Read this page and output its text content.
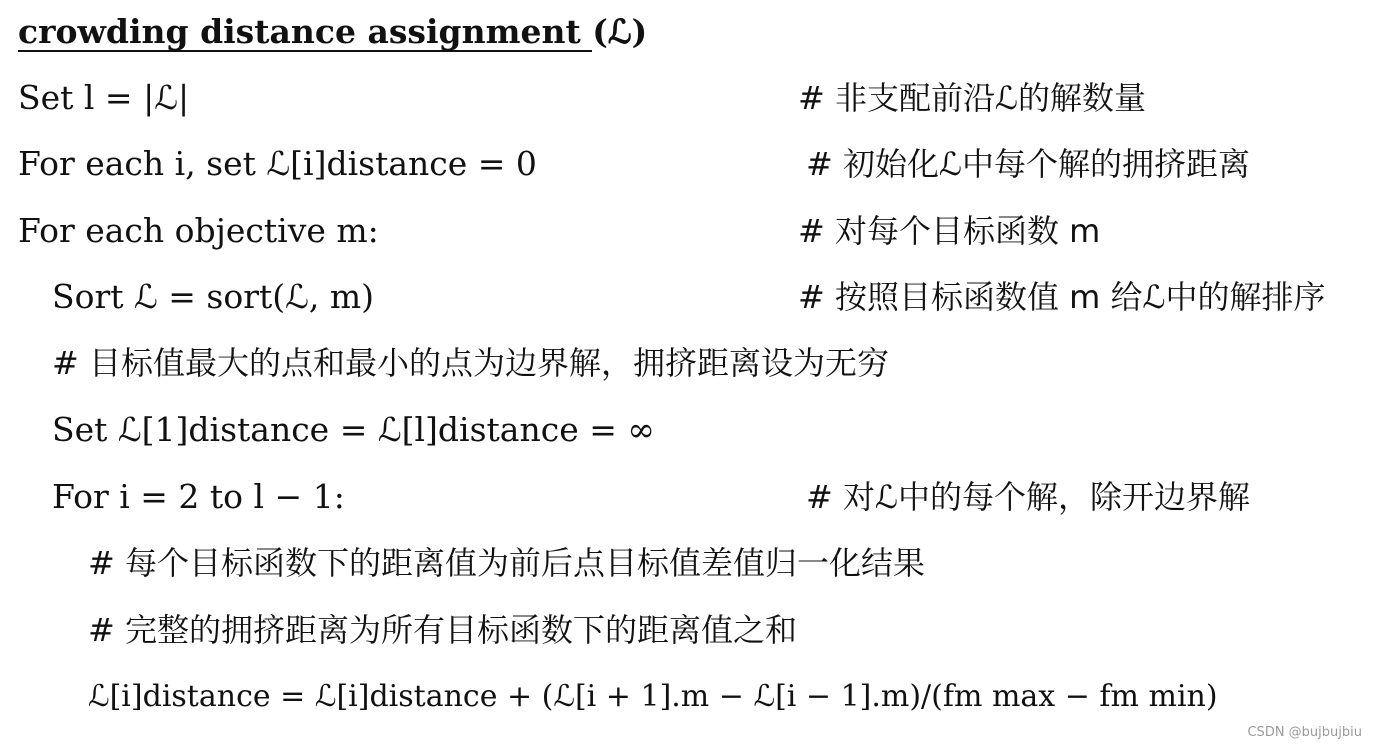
crowding distance assignment (ℒ)
Set l = |ℒ|	# 非支配前沿ℒ的解数量
For each i, set ℒ[i]distance = 0	# 初始化ℒ中每个解的拥挤距离
For each objective m:	# 对每个目标函数 m
Sort ℒ = sort(ℒ, m)	# 按照目标函数值 m 给ℒ中的解排序
# 目标值最大的点和最小的点为边界解，拥挤距离设为无穷
Set ℒ[1]distance = ℒ[l]distance = ∞
For i = 2 to l − 1:	# 对ℒ中的每个解，除开边界解
# 每个目标函数下的距离值为前后点目标值差值归一化结果
# 完整的拥挤距离为所有目标函数下的距离值之和
ℒ[i]distance = ℒ[i]distance + (ℒ[i + 1].m − ℒ[i − 1].m)/(fm max − fm min)
CSDN @bujbujbiu
